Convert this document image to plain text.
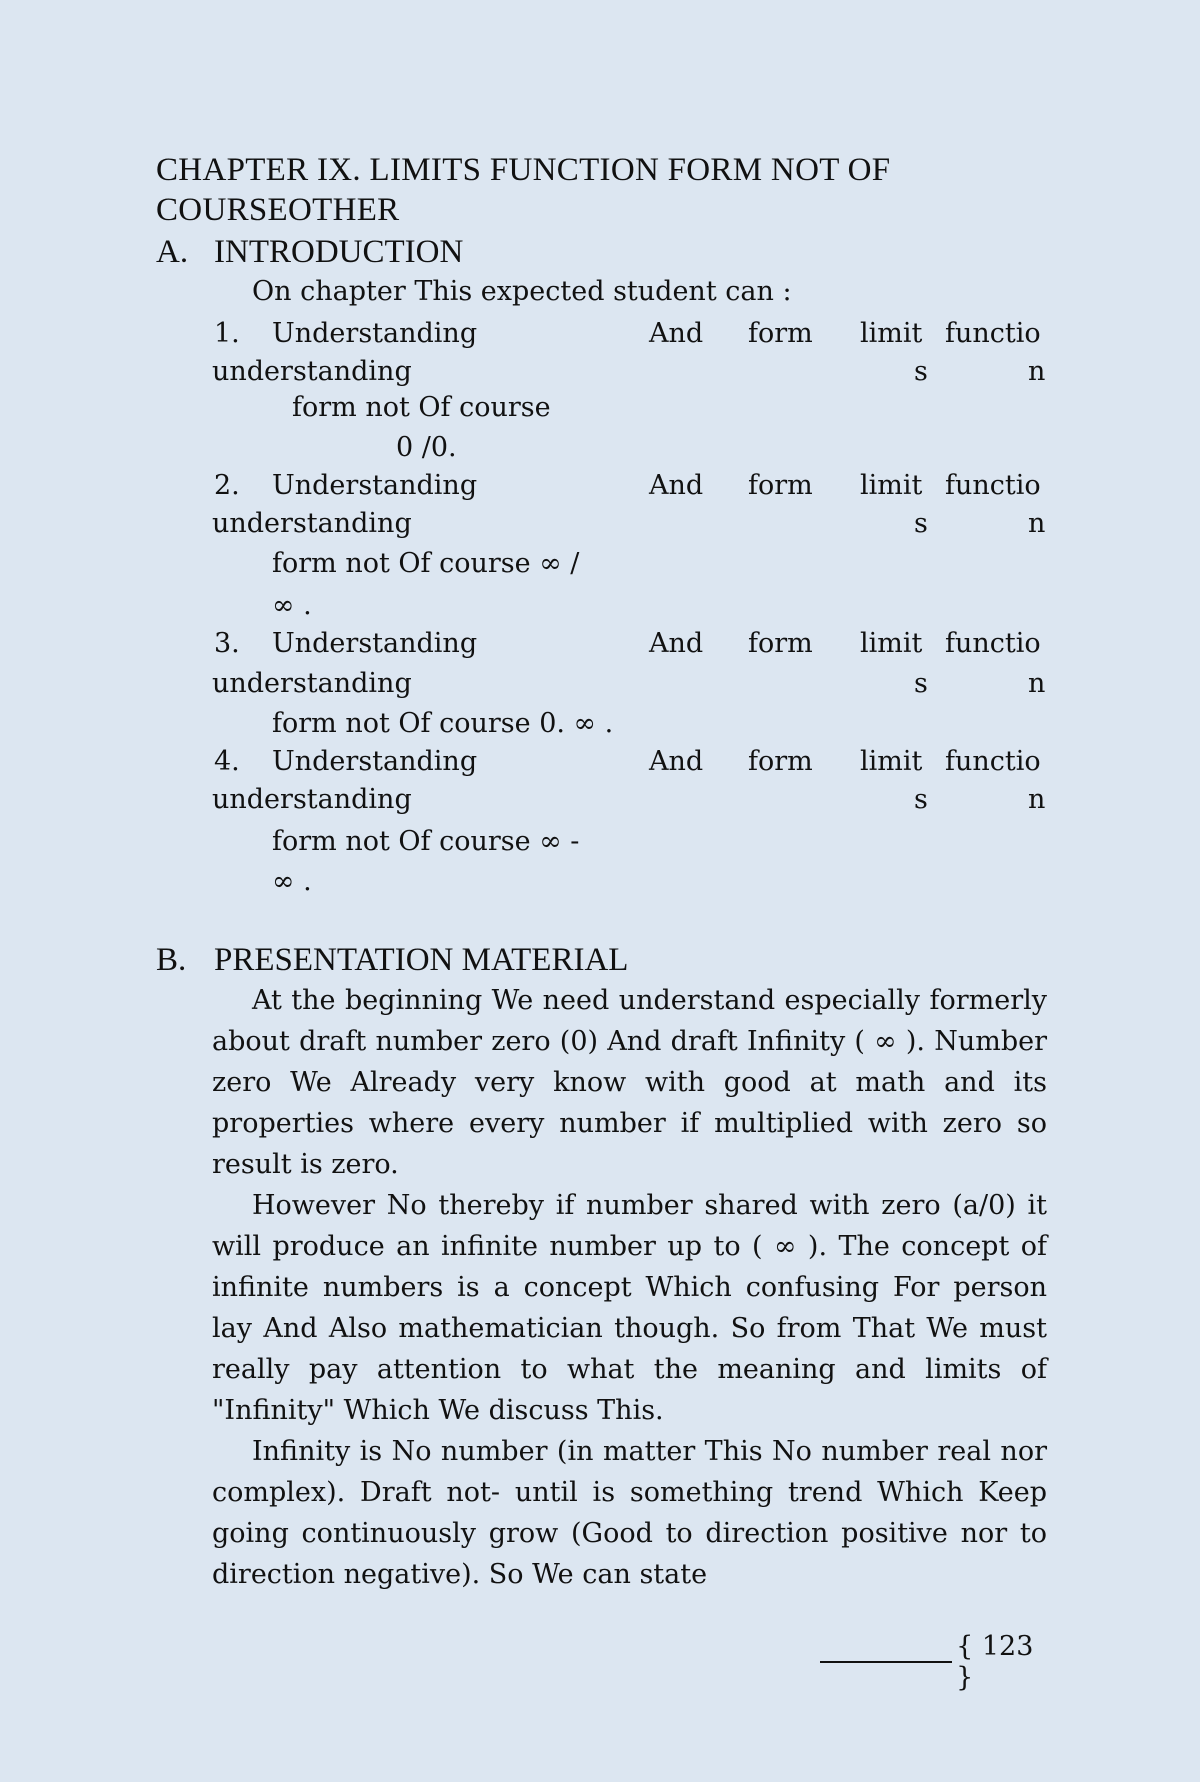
CHAPTER IX. LIMITS FUNCTION FORM NOT OF COURSEOTHER
A. INTRODUCTION
On chapter This expected student can :
1. Understanding	And form limit functio
understanding	s	n
form not Of course
0 /0.
2. Understanding	And form limit functio
understanding	s	n
form not Of course ∞ /
∞ .
3. Understanding	And form limit functio
understanding	s	n
form not Of course 0. ∞ .
4. Understanding	And form limit functio
understanding	s	n
form not Of course ∞ -
∞ .
B. PRESENTATION MATERIAL

At the beginning We need understand especially formerly about draft number zero (0) And draft Infinity ( ∞ ). Number zero We Already very know with good at math and its properties where every number if multiplied with zero so result is zero.

However No thereby if number shared with zero (a/0) it will produce an infinite number up to ( ∞ ). The concept of infinite numbers is a concept Which confusing For person lay And Also mathematician though. So from That We must really pay attention to what the meaning and limits of "Infinity" Which We discuss This.

Infinity is No number (in matter This No number real nor complex). Draft not- until is something trend Which Keep going continuously grow (Good to direction positive nor to direction negative). So We can state

{ 123 }
